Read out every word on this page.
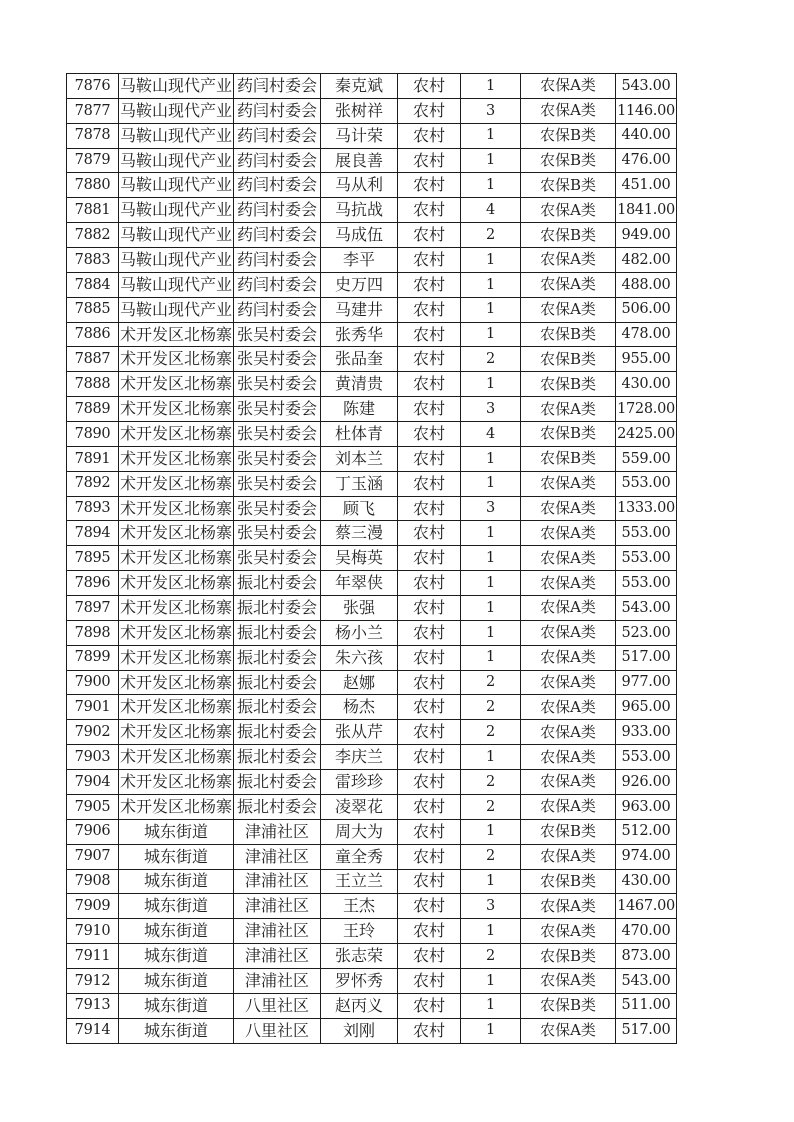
7876	马鞍山现代产业	药闫村委会	秦克斌	农村	1	农保A类	543.00
7877	马鞍山现代产业	药闫村委会	张树祥	农村	3	农保A类	1146.00
7878	马鞍山现代产业	药闫村委会	马计荣	农村	1	农保B类	440.00
7879	马鞍山现代产业	药闫村委会	展良善	农村	1	农保B类	476.00
7880	马鞍山现代产业	药闫村委会	马从利	农村	1	农保B类	451.00
7881	马鞍山现代产业	药闫村委会	马抗战	农村	4	农保A类	1841.00
7882	马鞍山现代产业	药闫村委会	马成伍	农村	2	农保B类	949.00
7883	马鞍山现代产业	药闫村委会	李平	农村	1	农保A类	482.00
7884	马鞍山现代产业	药闫村委会	史万四	农村	1	农保A类	488.00
7885	马鞍山现代产业	药闫村委会	马建井	农村	1	农保A类	506.00
7886	术开发区北杨寨	张吴村委会	张秀华	农村	1	农保B类	478.00
7887	术开发区北杨寨	张吴村委会	张品奎	农村	2	农保B类	955.00
7888	术开发区北杨寨	张吴村委会	黄清贵	农村	1	农保B类	430.00
7889	术开发区北杨寨	张吴村委会	陈建	农村	3	农保A类	1728.00
7890	术开发区北杨寨	张吴村委会	杜体青	农村	4	农保B类	2425.00
7891	术开发区北杨寨	张吴村委会	刘本兰	农村	1	农保B类	559.00
7892	术开发区北杨寨	张吴村委会	丁玉涵	农村	1	农保A类	553.00
7893	术开发区北杨寨	张吴村委会	顾飞	农村	3	农保A类	1333.00
7894	术开发区北杨寨	张吴村委会	蔡三漫	农村	1	农保A类	553.00
7895	术开发区北杨寨	张吴村委会	吴梅英	农村	1	农保A类	553.00
7896	术开发区北杨寨	振北村委会	年翠侠	农村	1	农保A类	553.00
7897	术开发区北杨寨	振北村委会	张强	农村	1	农保A类	543.00
7898	术开发区北杨寨	振北村委会	杨小兰	农村	1	农保A类	523.00
7899	术开发区北杨寨	振北村委会	朱六孩	农村	1	农保A类	517.00
7900	术开发区北杨寨	振北村委会	赵娜	农村	2	农保A类	977.00
7901	术开发区北杨寨	振北村委会	杨杰	农村	2	农保A类	965.00
7902	术开发区北杨寨	振北村委会	张从芹	农村	2	农保A类	933.00
7903	术开发区北杨寨	振北村委会	李庆兰	农村	1	农保A类	553.00
7904	术开发区北杨寨	振北村委会	雷珍珍	农村	2	农保A类	926.00
7905	术开发区北杨寨	振北村委会	凌翠花	农村	2	农保A类	963.00
7906	城东街道	津浦社区	周大为	农村	1	农保B类	512.00
7907	城东街道	津浦社区	童全秀	农村	2	农保A类	974.00
7908	城东街道	津浦社区	王立兰	农村	1	农保B类	430.00
7909	城东街道	津浦社区	王杰	农村	3	农保A类	1467.00
7910	城东街道	津浦社区	王玲	农村	1	农保A类	470.00
7911	城东街道	津浦社区	张志荣	农村	2	农保B类	873.00
7912	城东街道	津浦社区	罗怀秀	农村	1	农保A类	543.00
7913	城东街道	八里社区	赵丙义	农村	1	农保B类	511.00
7914	城东街道	八里社区	刘刚	农村	1	农保A类	517.00
